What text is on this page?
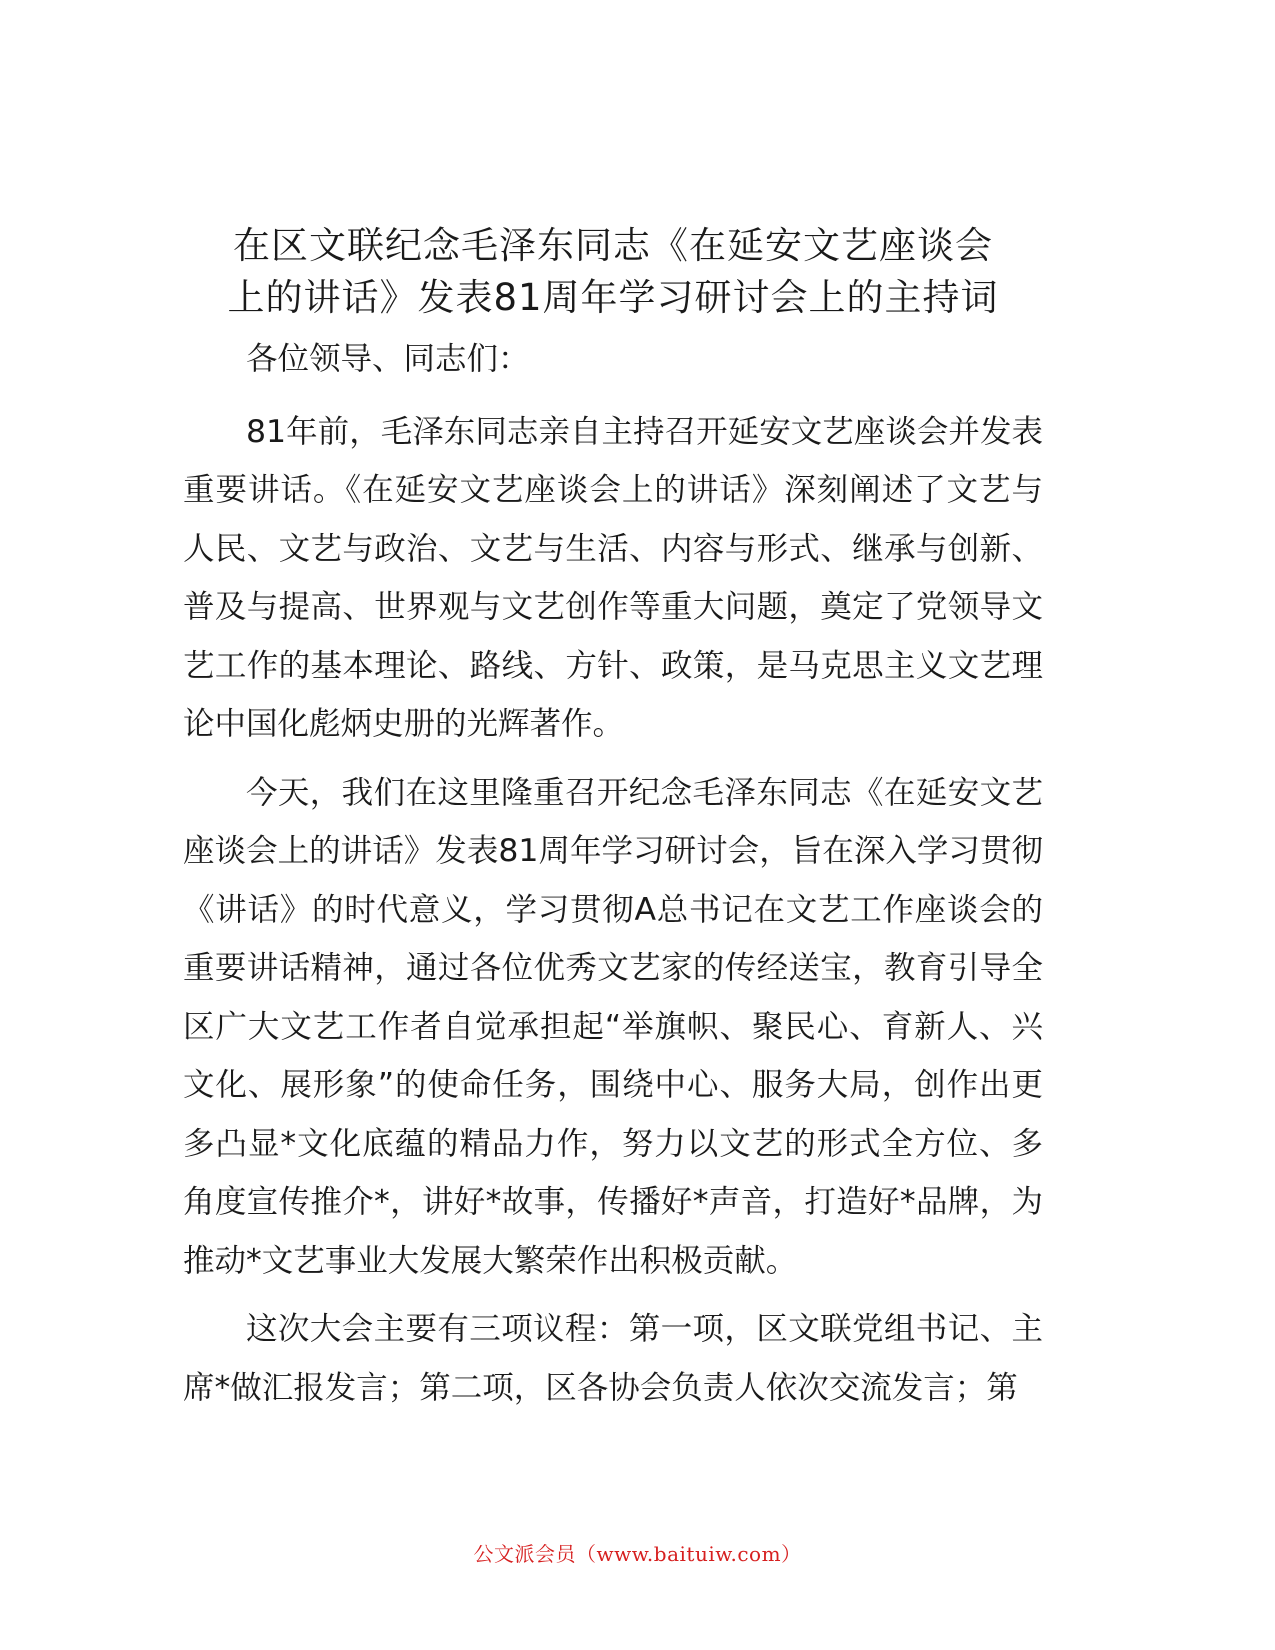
在区文联纪念毛泽东同志《在延安文艺座谈会
上的讲话》发表81周年学习研讨会上的主持词

各位领导、同志们：

81年前，毛泽东同志亲自主持召开延安文艺座谈会并发表重要讲话。《在延安文艺座谈会上的讲话》深刻阐述了文艺与人民、文艺与政治、文艺与生活、内容与形式、继承与创新、普及与提高、世界观与文艺创作等重大问题，奠定了党领导文艺工作的基本理论、路线、方针、政策，是马克思主义文艺理论中国化彪炳史册的光辉著作。

今天，我们在这里隆重召开纪念毛泽东同志《在延安文艺座谈会上的讲话》发表81周年学习研讨会，旨在深入学习贯彻《讲话》的时代意义，学习贯彻A总书记在文艺工作座谈会的重要讲话精神，通过各位优秀文艺家的传经送宝，教育引导全区广大文艺工作者自觉承担起“举旗帜、聚民心、育新人、兴文化、展形象”的使命任务，围绕中心、服务大局，创作出更多凸显*文化底蕴的精品力作，努力以文艺的形式全方位、多角度宣传推介*，讲好*故事，传播好*声音，打造好*品牌，为推动*文艺事业大发展大繁荣作出积极贡献。

这次大会主要有三项议程：第一项，区文联党组书记、主席*做汇报发言；第二项，区各协会负责人依次交流发言；第

公文派会员（www.baituiw.com）
